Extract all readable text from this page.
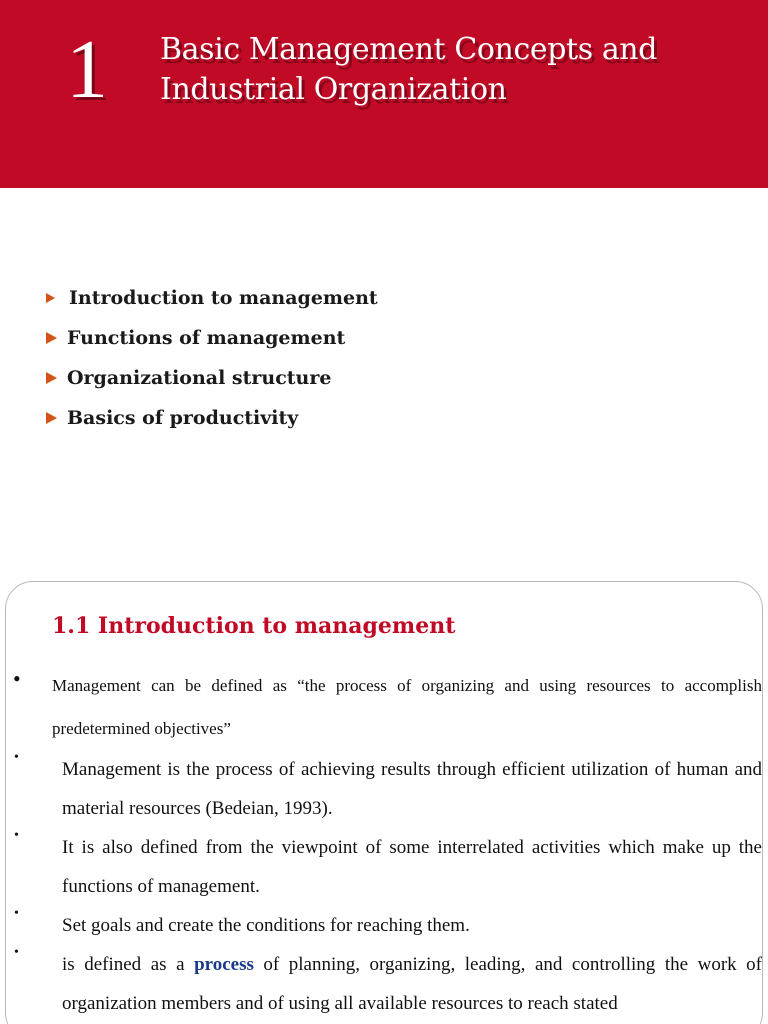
1 Basic Management Concepts and
Industrial Organization
Introduction to management
Functions of management
Organizational structure
Basics of productivity
1.1 Introduction to management
• Management can be defined as “the process of organizing and using resources to accomplish predetermined objectives”
•
Management is the process of achieving results through efficient utilization of human and material resources (Bedeian, 1993).
•
It is also defined from the viewpoint of some interrelated activities which make up the functions of management.
•
Set goals and create the conditions for reaching them.
•
is defined as a process of planning, organizing, leading, and controlling the work of organization members and of using all available resources to reach stated
